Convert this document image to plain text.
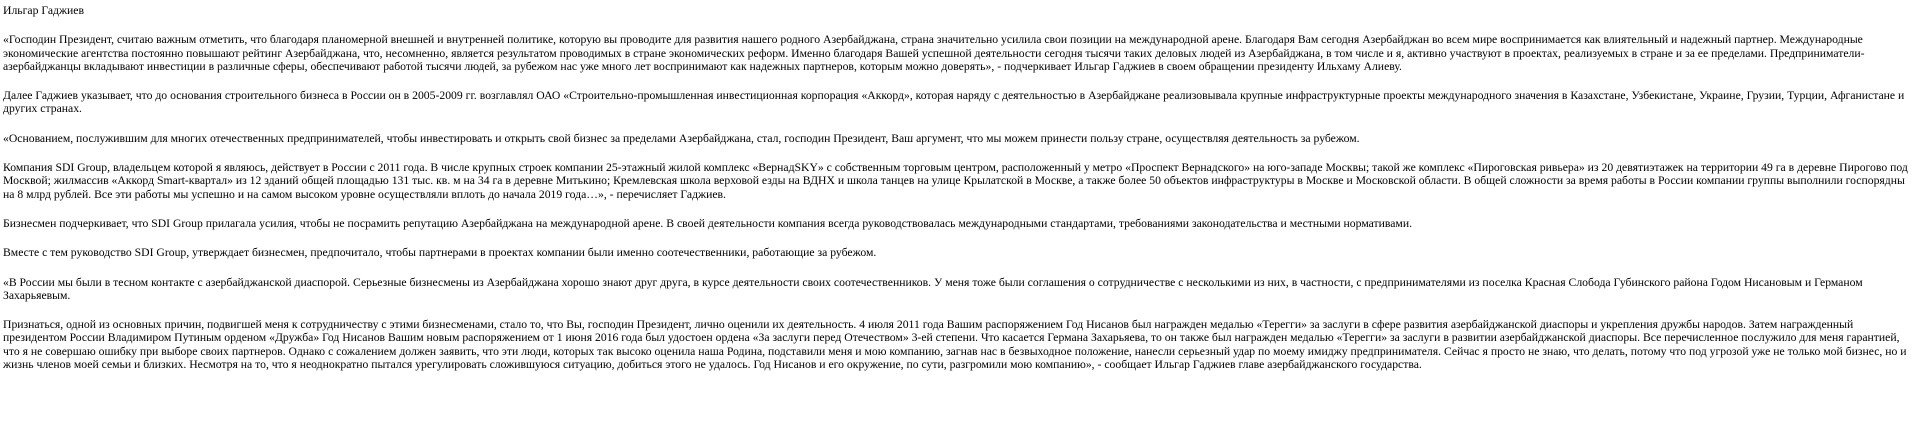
Ильгар Гаджиев

«Господин Президент, считаю важным отметить, что благодаря планомерной внешней и внутренней политике, которую вы проводите для развития нашего родного Азербайджана, страна значительно усилила свои позиции на международной арене. Благодаря Вам сегодня Азербайджан во всем мире воспринимается как влиятельный и надежный партнер. Международные экономические агентства постоянно повышают рейтинг Азербайджана, что, несомненно, является результатом проводимых в стране экономических реформ. Именно благодаря Вашей успешной деятельности сегодня тысячи таких деловых людей из Азербайджана, в том числе и я, активно участвуют в проектах, реализуемых в стране и за ее пределами. Предприниматели-азербайджанцы вкладывают инвестиции в различные сферы, обеспечивают работой тысячи людей, за рубежом нас уже много лет воспринимают как надежных партнеров, которым можно доверять», - подчеркивает Ильгар Гаджиев в своем обращении президенту Ильхаму Алиеву.

Далее Гаджиев указывает, что до основания строительного бизнеса в России он в 2005-2009 гг. возглавлял ОАО «Строительно-промышленная инвестиционная корпорация «Аккорд», которая наряду с деятельностью в Азербайджане реализовывала крупные инфраструктурные проекты международного значения в Казахстане, Узбекистане, Украине, Грузии, Турции, Афганистане и других странах.

«Основанием, послужившим для многих отечественных предпринимателей, чтобы инвестировать и открыть свой бизнес за пределами Азербайджана, стал, господин Президент, Ваш аргумент, что мы можем принести пользу стране, осуществляя деятельность за рубежом.

Компания SDI Group, владельцем которой я являюсь, действует в России с 2011 года. В числе крупных строек компании 25-этажный жилой комплекс «ВернадSKY» с собственным торговым центром, расположенный у метро «Проспект Вернадского» на юго-западе Москвы; такой же комплекс «Пироговская ривьера» из 20 девятиэтажек на территории 49 га в деревне Пирогово под Москвой; жилмассив «Аккорд Smart-квартал» из 12 зданий общей площадью 131 тыс. кв. м на 34 га в деревне Митькино; Кремлевская школа верховой езды на ВДНХ и школа танцев на улице Крылатской в Москве, а также более 50 объектов инфраструктуры в Москве и Московской области. В общей сложности за время работы в России компании группы выполнили госпорядны на 8 млрд рублей. Все эти работы мы успешно и на самом высоком уровне осуществляли вплоть до начала 2019 года…», - перечисляет Гаджиев.

Бизнесмен подчеркивает, что SDI Group прилагала усилия, чтобы не посрамить репутацию Азербайджана на международной арене. В своей деятельности компания всегда руководствовалась международными стандартами, требованиями законодательства и местными нормативами.

Вместе с тем руководство SDI Group, утверждает бизнесмен, предпочитало, чтобы партнерами в проектах компании были именно соотечественники, работающие за рубежом.

«В России мы были в тесном контакте с азербайджанской диаспорой. Серьезные бизнесмены из Азербайджана хорошо знают друг друга, в курсе деятельности своих соотечественников. У меня тоже были соглашения о сотрудничестве с несколькими из них, в частности, с предпринимателями из поселка Красная Слобода Губинского района Годом Нисановым и Германом Захарьяевым.

Признаться, одной из основных причин, подвигшей меня к сотрудничеству с этими бизнесменами, стало то, что Вы, господин Президент, лично оценили их деятельность. 4 июля 2011 года Вашим распоряжением Год Нисанов был награжден медалью «Терегги» за заслуги в сфере развития азербайджанской диаспоры и укрепления дружбы народов. Затем награжденный президентом России Владимиром Путиным орденом «Дружба» Год Нисанов Вашим новым распоряжением от 1 июня 2016 года был удостоен ордена «За заслуги перед Отечеством» 3-ей степени. Что касается Германа Захарьяева, то он также был награжден медалью «Терегги» за заслуги в развитии азербайджанской диаспоры. Все перечисленное послужило для меня гарантией, что я не совершаю ошибку при выборе своих партнеров. Однако с сожалением должен заявить, что эти люди, которых так высоко оценила наша Родина, подставили меня и мою компанию, загнав нас в безвыходное положение, нанесли серьезный удар по моему имиджу предпринимателя. Сейчас я просто не знаю, что делать, потому что под угрозой уже не только мой бизнес, но и жизнь членов моей семьи и близких. Несмотря на то, что я неоднократно пытался урегулировать сложившуюся ситуацию, добиться этого не удалось. Год Нисанов и его окружение, по сути, разгромили мою компанию», - сообщает Ильгар Гаджиев главе азербайджанского государства.
